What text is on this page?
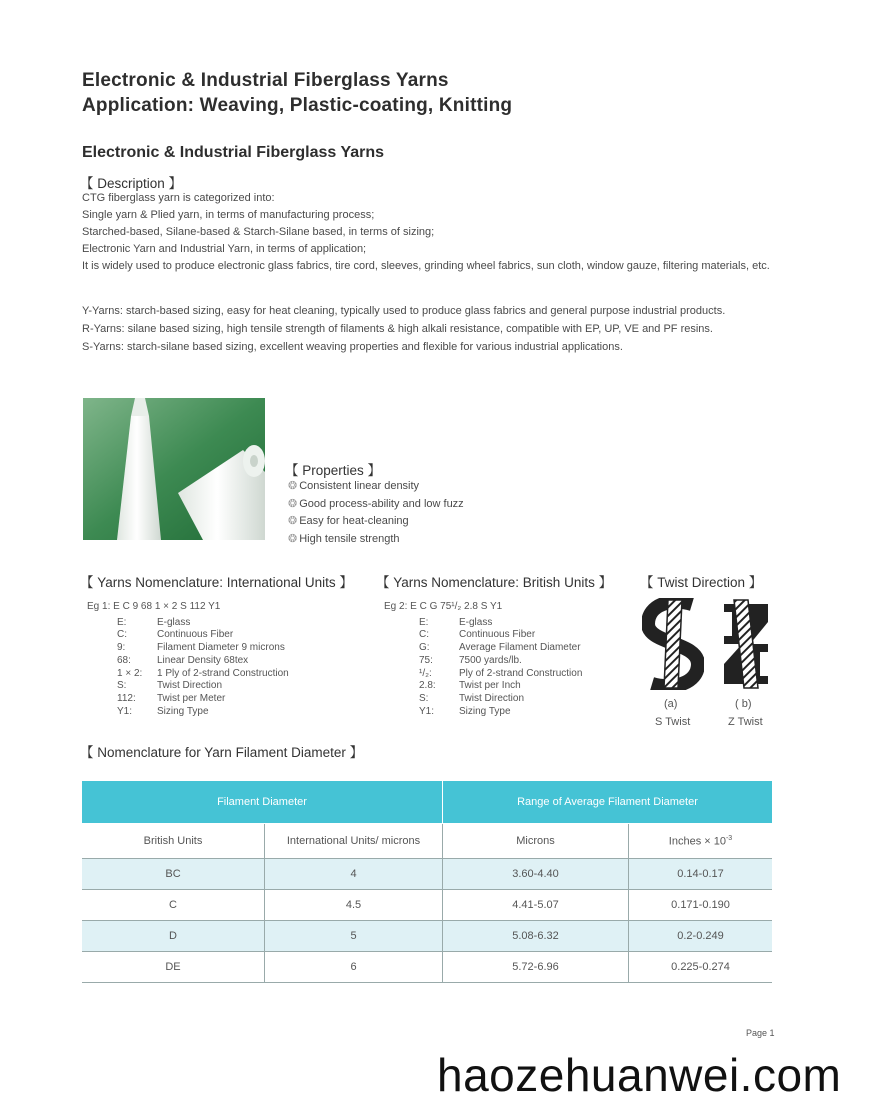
Electronic & Industrial Fiberglass Yarns
Application: Weaving, Plastic-coating, Knitting
Electronic & Industrial Fiberglass Yarns
【 Description 】
CTG fiberglass yarn is categorized into:
Single yarn & Plied yarn, in terms of manufacturing process;
Starched-based, Silane-based & Starch-Silane based, in terms of sizing;
Electronic Yarn and Industrial Yarn, in terms of application;
It is widely used to produce electronic glass fabrics, tire cord, sleeves, grinding wheel fabrics, sun cloth, window gauze, filtering materials, etc.
Y-Yarns: starch-based sizing, easy for heat cleaning, typically used to produce glass fabrics and general purpose industrial products.
R-Yarns: silane based sizing, high tensile strength of filaments & high alkali resistance, compatible with EP, UP, VE and PF resins.
S-Yarns: starch-silane based sizing, excellent weaving properties and flexible for various industrial applications.
【 Properties 】
❂ Consistent linear density
❂ Good process-ability and low fuzz
❂ Easy for heat-cleaning
❂ High tensile strength
【 Yarns Nomenclature: International Units 】
Eg 1: E C 9 68 1 × 2 S 112 Y1
E:	E-glass
C:	Continuous Fiber
9:	Filament Diameter 9 microns
68:	Linear Density 68tex
1 × 2:	1 Ply of 2-strand Construction
S:	Twist Direction
112:	Twist per Meter
Y1:	Sizing Type
【 Yarns Nomenclature: British Units 】
Eg 2: E C G 75¹/₂ 2.8 S Y1
E:	E-glass
C:	Continuous Fiber
G:	Average Filament Diameter
75:	7500 yards/lb.
¹/₂:	Ply of 2-strand Construction
2.8:	Twist per Inch
S:	Twist Direction
Y1:	Sizing Type
【 Twist Direction 】
(a)
S Twist
( b)
Z Twist
【 Nomenclature for Yarn Filament Diameter 】
Filament Diameter		Range of Average Filament Diameter	
British Units	International Units/ microns	Microns	Inches × $10^{-3}$
BC	4	3.60-4.40	0.14-0.17
C	4.5	4.41-5.07	0.171-0.190
D	5	5.08-6.32	0.2-0.249
DE	6	5.72-6.96	0.225-0.274
Page 1
haozehuanwei.com
